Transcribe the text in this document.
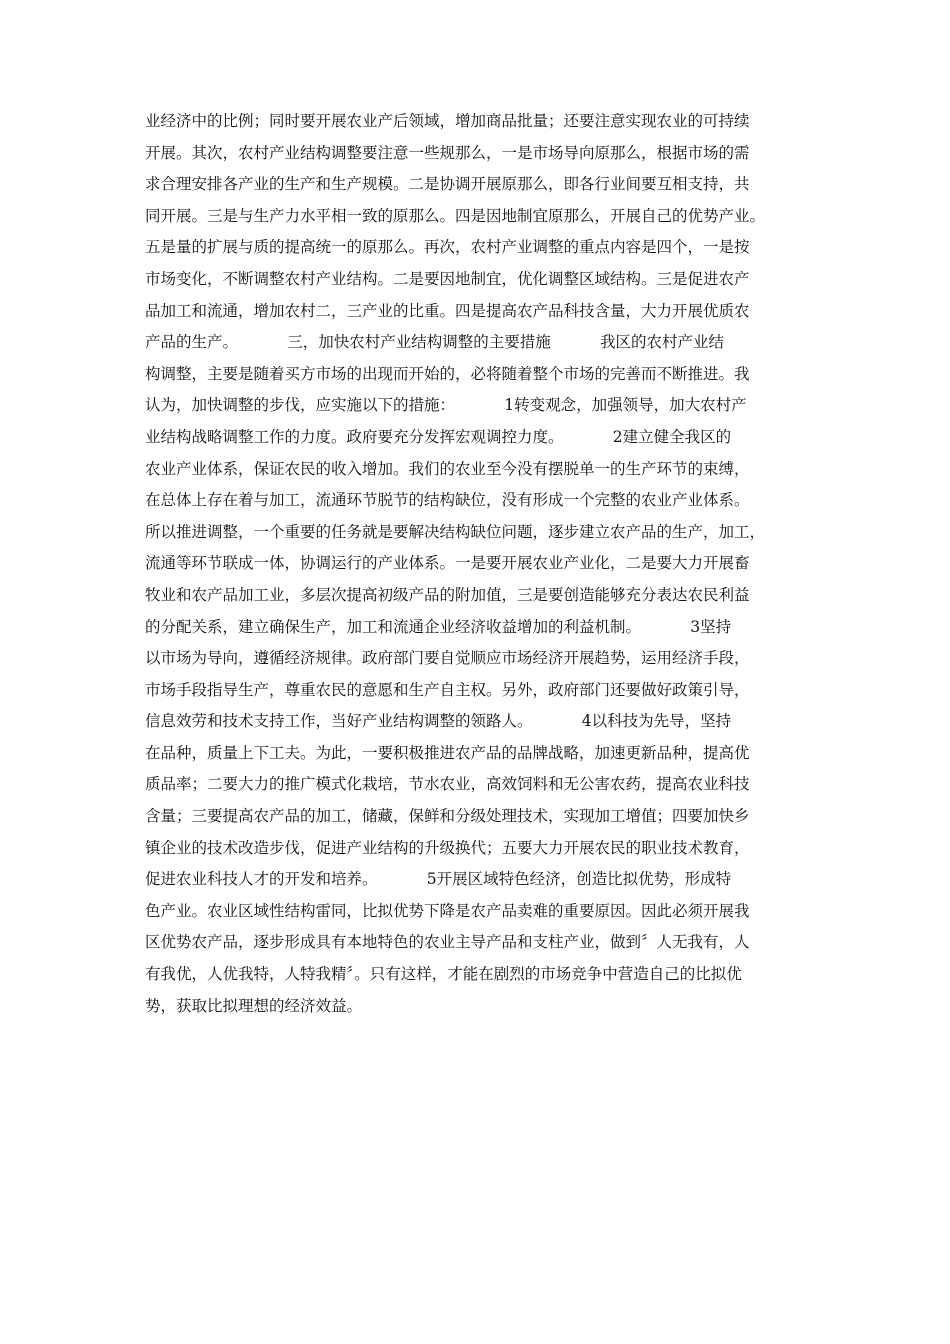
业经济中的比例；同时要开展农业产后领域，增加商品批量；还要注意实现农业的可持续
开展。其次，农村产业结构调整要注意一些规那么，一是市场导向原那么，根据市场的需
求合理安排各产业的生产和生产规模。二是协调开展原那么，即各行业间要互相支持，共
同开展。三是与生产力水平相一致的原那么。四是因地制宜原那么，开展自己的优势产业。
五是量的扩展与质的提高统一的原那么。再次，农村产业调整的重点内容是四个，一是按
市场变化，不断调整农村产业结构。二是要因地制宜，优化调整区域结构。三是促进农产
品加工和流通，增加农村二，三产业的比重。四是提高农产品科技含量，大力开展优质农
产品的生产。          三，加快农村产业结构调整的主要措施          我区的农村产业结
构调整，主要是随着买方市场的出现而开始的，必将随着整个市场的完善而不断推进。我
认为，加快调整的步伐，应实施以下的措施：          1转变观念，加强领导，加大农村产
业结构战略调整工作的力度。政府要充分发挥宏观调控力度。          2建立健全我区的
农业产业体系，保证农民的收入增加。我们的农业至今没有摆脱单一的生产环节的束缚，
在总体上存在着与加工，流通环节脱节的结构缺位，没有形成一个完整的农业产业体系。
所以推进调整，一个重要的任务就是要解决结构缺位问题，逐步建立农产品的生产，加工，
流通等环节联成一体，协调运行的产业体系。一是要开展农业产业化，二是要大力开展畜
牧业和农产品加工业，多层次提高初级产品的附加值，三是要创造能够充分表达农民利益
的分配关系，建立确保生产，加工和流通企业经济收益增加的利益机制。          3坚持
以市场为导向，遵循经济规律。政府部门要自觉顺应市场经济开展趋势，运用经济手段，
市场手段指导生产，尊重农民的意愿和生产自主权。另外，政府部门还要做好政策引导，
信息效劳和技术支持工作，当好产业结构调整的领路人。          4以科技为先导，坚持
在品种，质量上下工夫。为此，一要积极推进农产品的品牌战略，加速更新品种，提高优
质品率；二要大力的推广模式化栽培，节水农业，高效饲料和无公害农药，提高农业科技
含量；三要提高农产品的加工，储藏，保鲜和分级处理技术，实现加工增值；四要加快乡
镇企业的技术改造步伐，促进产业结构的升级换代；五要大力开展农民的职业技术教育，
促进农业科技人才的开发和培养。          5开展区域特色经济，创造比拟优势，形成特
色产业。农业区域性结构雷同，比拟优势下降是农产品卖难的重要原因。因此必须开展我
区优势农产品，逐步形成具有本地特色的农业主导产品和支柱产业，做到〞人无我有，人
有我优，人优我特，人特我精〞。只有这样，才能在剧烈的市场竞争中营造自己的比拟优
势，获取比拟理想的经济效益。
